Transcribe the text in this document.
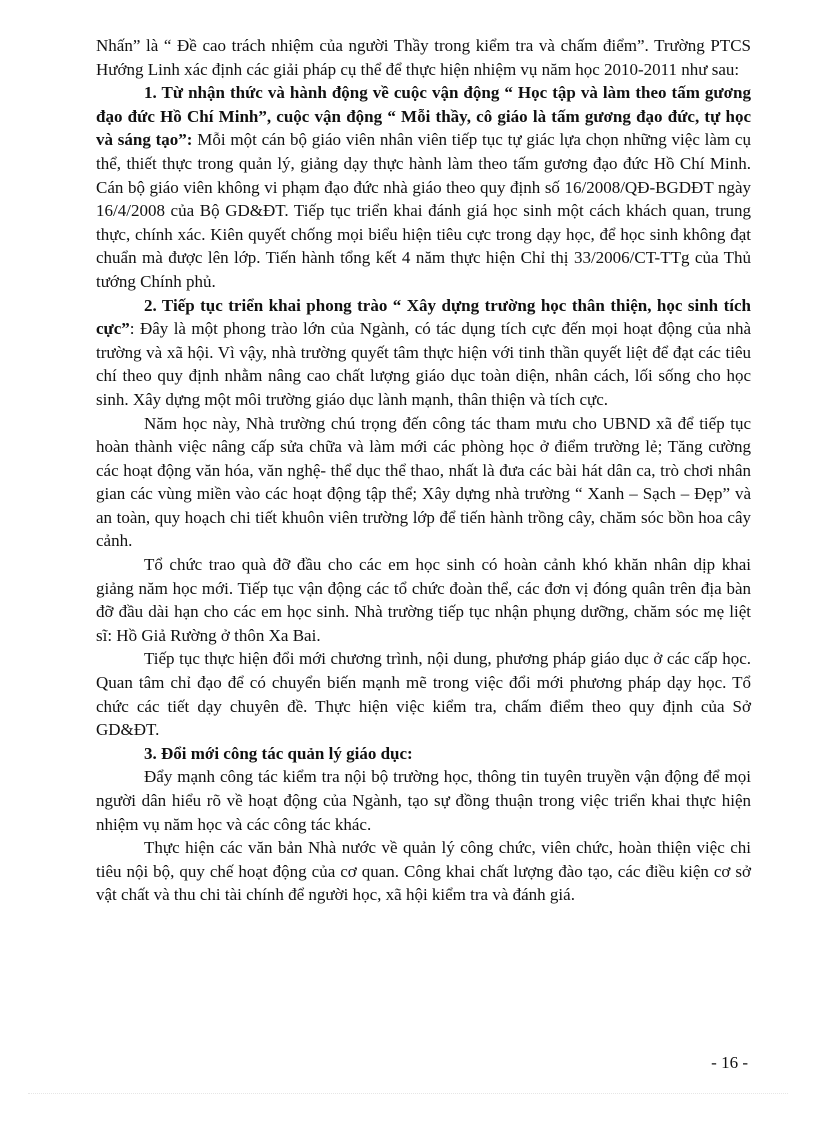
Nhấn” là “ Đề cao trách nhiệm của người Thầy trong kiểm tra và chấm điểm”. Trường PTCS Hướng Linh xác định các giải pháp cụ thể để thực hiện nhiệm vụ năm học 2010-2011 như sau:

1. Từ nhận thức và hành động về cuộc vận động “ Học tập và làm theo tấm gương đạo đức Hồ Chí Minh”, cuộc vận động “ Mỗi thầy, cô giáo là tấm gương đạo đức, tự học và sáng tạo”: Mỗi một cán bộ giáo viên nhân viên tiếp tục tự giác lựa chọn những việc làm cụ thể, thiết thực trong quản lý, giảng dạy thực hành làm theo tấm gương đạo đức Hồ Chí Minh. Cán bộ giáo viên không vi phạm đạo đức nhà giáo theo quy định số 16/2008/QĐ-BGDĐT ngày 16/4/2008 của Bộ GD&ĐT. Tiếp tục triển khai đánh giá học sinh một cách khách quan, trung thực, chính xác. Kiên quyết chống mọi biểu hiện tiêu cực trong dạy học, để học sinh không đạt chuẩn mà được lên lớp. Tiến hành tổng kết 4 năm thực hiện Chỉ thị 33/2006/CT-TTg của Thủ tướng Chính phủ.

2. Tiếp tục triển khai phong trào “ Xây dựng trường học thân thiện, học sinh tích cực”: Đây là một phong trào lớn của Ngành, có tác dụng tích cực đến mọi hoạt động của nhà trường và xã hội. Vì vậy, nhà trường quyết tâm thực hiện với tinh thần quyết liệt để đạt các tiêu chí theo quy định nhằm nâng cao chất lượng giáo dục toàn diện, nhân cách, lối sống cho học sinh. Xây dựng một môi trường giáo dục lành mạnh, thân thiện và tích cực.

Năm học này, Nhà trường chú trọng đến công tác tham mưu cho UBND xã để tiếp tục hoàn thành việc nâng cấp sửa chữa và làm mới các phòng học ở điểm trường lẻ; Tăng cường các hoạt động văn hóa, văn nghệ- thể dục thể thao, nhất là đưa các bài hát dân ca, trò chơi nhân gian các vùng miền vào các hoạt động tập thể; Xây dựng nhà trường “ Xanh – Sạch – Đẹp” và an toàn, quy hoạch chi tiết khuôn viên trường lớp để tiến hành trồng cây, chăm sóc bồn hoa cây cảnh.

Tổ chức trao quà đỡ đầu cho các em học sinh có hoàn cảnh khó khăn nhân dịp khai giảng năm học mới. Tiếp tục vận động các tổ chức đoàn thể, các đơn vị đóng quân trên địa bàn đỡ đầu dài hạn cho các em học sinh. Nhà trường tiếp tục nhận phụng dưỡng, chăm sóc mẹ liệt sĩ: Hồ Giả Rường ở thôn Xa Bai.

Tiếp tục thực hiện đổi mới chương trình, nội dung, phương pháp giáo dục ở các cấp học. Quan tâm chỉ đạo để có chuyển biến mạnh mẽ trong việc đổi mới phương pháp dạy học. Tổ chức các tiết dạy chuyên đề. Thực hiện việc kiểm tra, chấm điểm theo quy định của Sở GD&ĐT.

3. Đổi mới công tác quản lý giáo dục:

Đẩy mạnh công tác kiểm tra nội bộ trường học, thông tin tuyên truyền vận động để mọi người dân hiểu rõ về hoạt động của Ngành, tạo sự đồng thuận trong việc triển khai thực hiện nhiệm vụ năm học và các công tác khác.

Thực hiện các văn bản Nhà nước về quản lý công chức, viên chức, hoàn thiện việc chi tiêu nội bộ, quy chế hoạt động của cơ quan. Công khai chất lượng đào tạo, các điều kiện cơ sở vật chất và thu chi tài chính để người học, xã hội kiểm tra và đánh giá.

- 16 -
